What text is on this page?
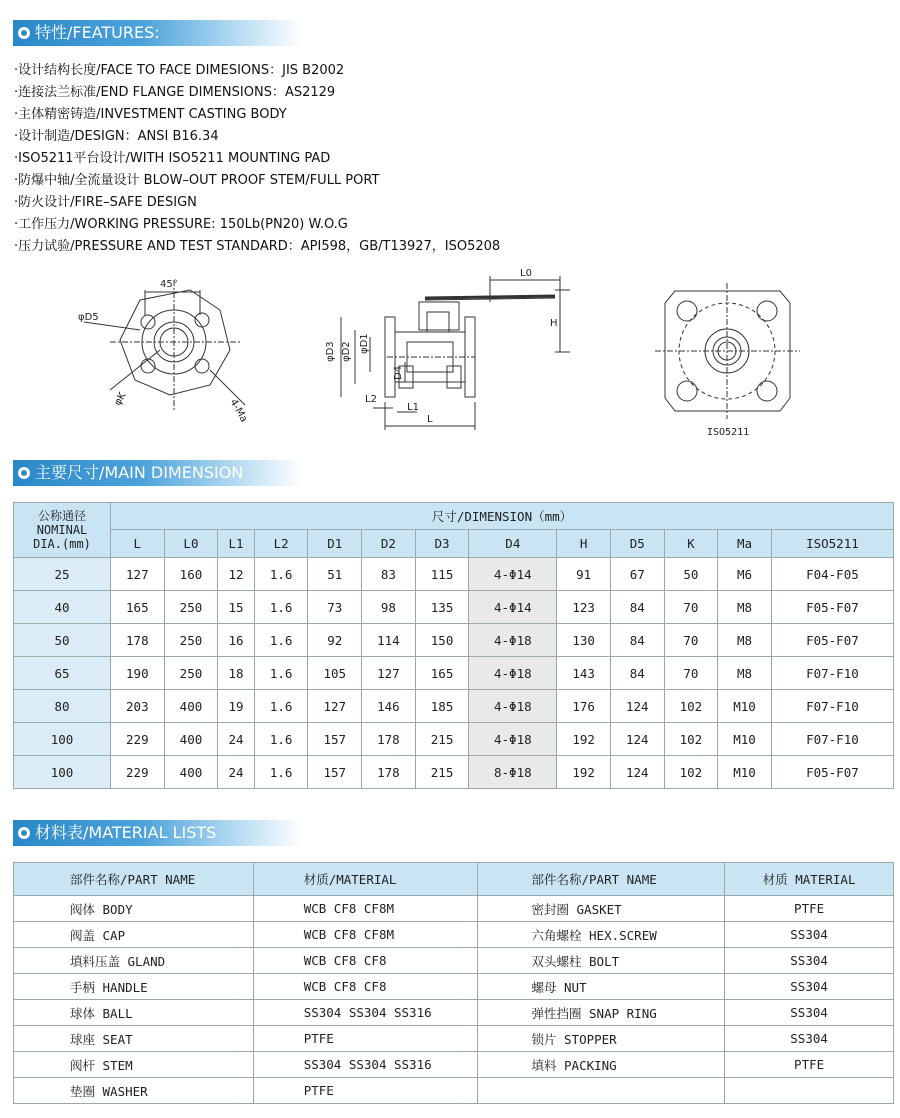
特性/FEATURES:
·设计结构长度/FACE TO FACE DIMESIONS：JIS B2002
·连接法兰标准/END FLANGE DIMENSIONS：AS2129
·主体精密铸造/INVESTMENT CASTING BODY
·设计制造/DESIGN：ANSI B16.34
·ISO5211平台设计/WITH ISO5211 MOUNTING PAD
·防爆中轴/全流量设计 BLOW–OUT PROOF STEM/FULL PORT
·防火设计/FIRE–SAFE DESIGN
·工作压力/WORKING PRESSURE: 150Lb(PN20) W.O.G
·压力试验/PRESSURE AND TEST STANDARD：API598，GB/T13927，ISO5208
45°
φD5
φK	4-Ma
L0
H
φD3 φD2 φD1
D4
L2
L1
L
ISO5211
主要尺寸/MAIN DIMENSION
公称通径
NOMINAL
DIA.(mm)	尺寸/DIMENSION（mm）												
	L	L0	L1	L2	D1	D2	D3	D4	H	D5	K	Ma	ISO5211
25	127	160	12	1.6	51	83	115	4-Φ14	91	67	50	M6	F04-F05
40	165	250	15	1.6	73	98	135	4-Φ14	123	84	70	M8	F05-F07
50	178	250	16	1.6	92	114	150	4-Φ18	130	84	70	M8	F05-F07
65	190	250	18	1.6	105	127	165	4-Φ18	143	84	70	M8	F07-F10
80	203	400	19	1.6	127	146	185	4-Φ18	176	124	102	M10	F07-F10
100	229	400	24	1.6	157	178	215	4-Φ18	192	124	102	M10	F07-F10
100	229	400	24	1.6	157	178	215	8-Φ18	192	124	102	M10	F05-F07
材料表/MATERIAL LISTS
部件名称/PART NAME	材质/MATERIAL	部件名称/PART NAME	材质 MATERIAL
阀体 BODY	WCB CF8 CF8M	密封圈 GASKET	PTFE
阀盖 CAP	WCB CF8 CF8M	六角螺栓 HEX.SCREW	SS304
填料压盖 GLAND	WCB CF8 CF8	双头螺柱 BOLT	SS304
手柄 HANDLE	WCB CF8 CF8	螺母 NUT	SS304
球体 BALL	SS304 SS304 SS316	弹性挡圈 SNAP RING	SS304
球座 SEAT	PTFE	锁片 STOPPER	SS304
阀杆 STEM	SS304 SS304 SS316	填料 PACKING	PTFE
垫圈 WASHER	PTFE		
